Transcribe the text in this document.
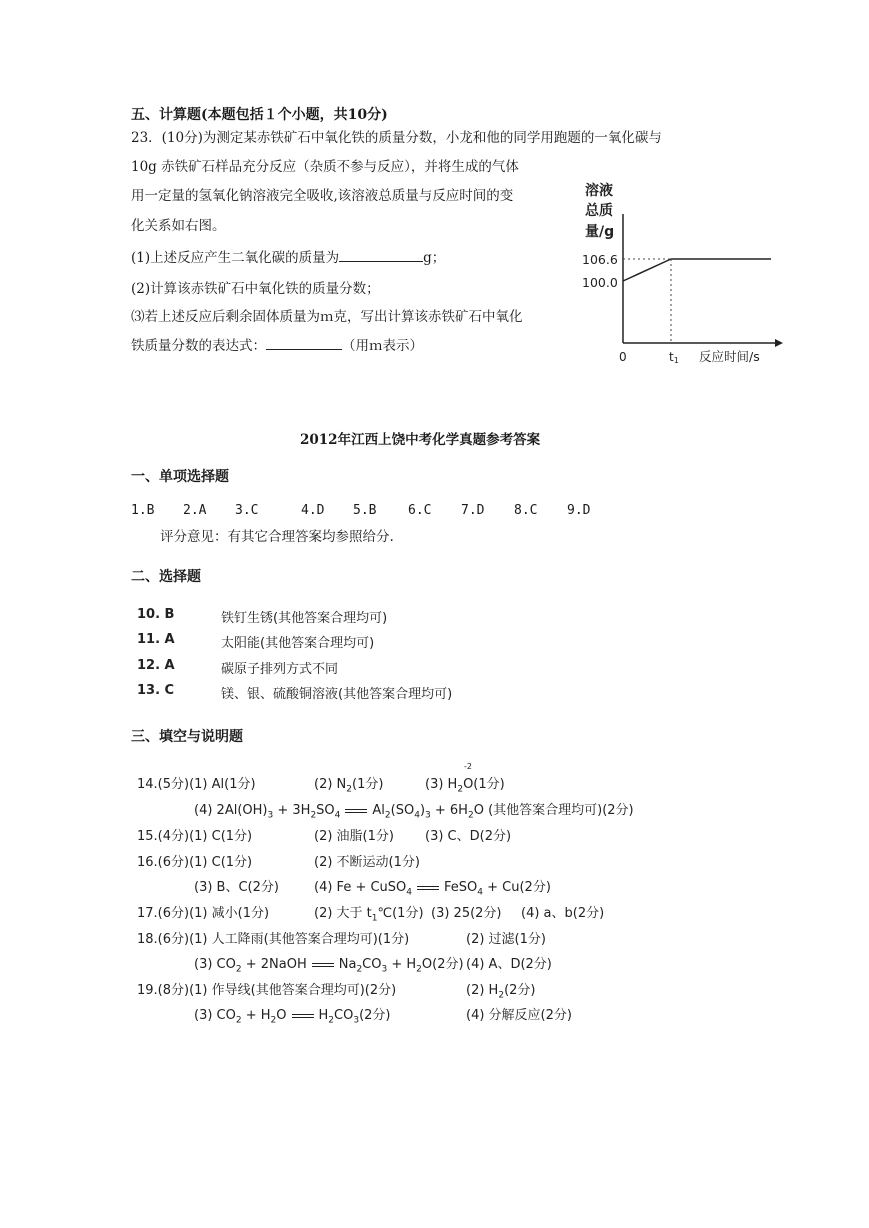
五、计算题(本题包括１个小题，共10分)
23．(10分)为测定某赤铁矿石中氧化铁的质量分数，小龙和他的同学用跑题的一氧化碳与
10g 赤铁矿石样品充分反应（杂质不参与反应），并将生成的气体
用一定量的氢氧化钠溶液完全吸收,该溶液总质量与反应时间的变
化关系如右图。
(1)上述反应产生二氧化碳的质量为	g；
(2)计算该赤铁矿石中氧化铁的质量分数；
⑶若上述反应后剩余固体质量为ｍ克，写出计算该赤铁矿石中氧化
铁质量分数的表达式：	（用ｍ表示）
溶液
总质
量/g
106.6
100.0
0	t1 反应时间/s
2012年江西上饶中考化学真题参考答案
一、单项选择题
1.B 2.A 3.C	4.D 5.B 6.C 7.D 8.C 9.D
评分意见：有其它合理答案均参照给分.
二、选择题
10. B	铁钉生锈(其他答案合理均可)
11. A	太阳能(其他答案合理均可)
12. A	碳原子排列方式不同
13. C	镁、银、硫酸铜溶液(其他答案合理均可)
三、填空与说明题
14.(5分)(1) Al(1分)	(2) $N_2(1$分)	(3) $H_2O(1$分)
-2
(4) $2Al(OH)_3 + 3H_2SO_4$ $Al_2(SO_4)_3 + 6H_2O$ (其他答案合理均可)(2分)
15.(4分)(1) C(1分)	(2) 油脂(1分) (3) C、D(2分)
16.(6分)(1) C(1分)	(2) 不断运动(1分)
(3) B、C(2分)	(4) Fe + CuSO$_4$ FeSO$_4$ + Cu(2分)
17.(6分)(1) 减小(1分)	(2) 大于 $t_1℃(1$分) (3) 25(2分) (4) a、b(2分)
18.(6分)(1) 人工降雨(其他答案合理均可)(1分)	(2) 过滤(1分)
(3) $CO_2$ + 2NaOH $Na_2CO_3 + H_2O(2$分) (4) A、D(2分)
19.(8分)(1) 作导线(其他答案合理均可)(2分)	(2) $H_2(2$分)
(3) $CO_2 + H_2O$ $H_2CO_3(2$分)	(4) 分解反应(2分)
